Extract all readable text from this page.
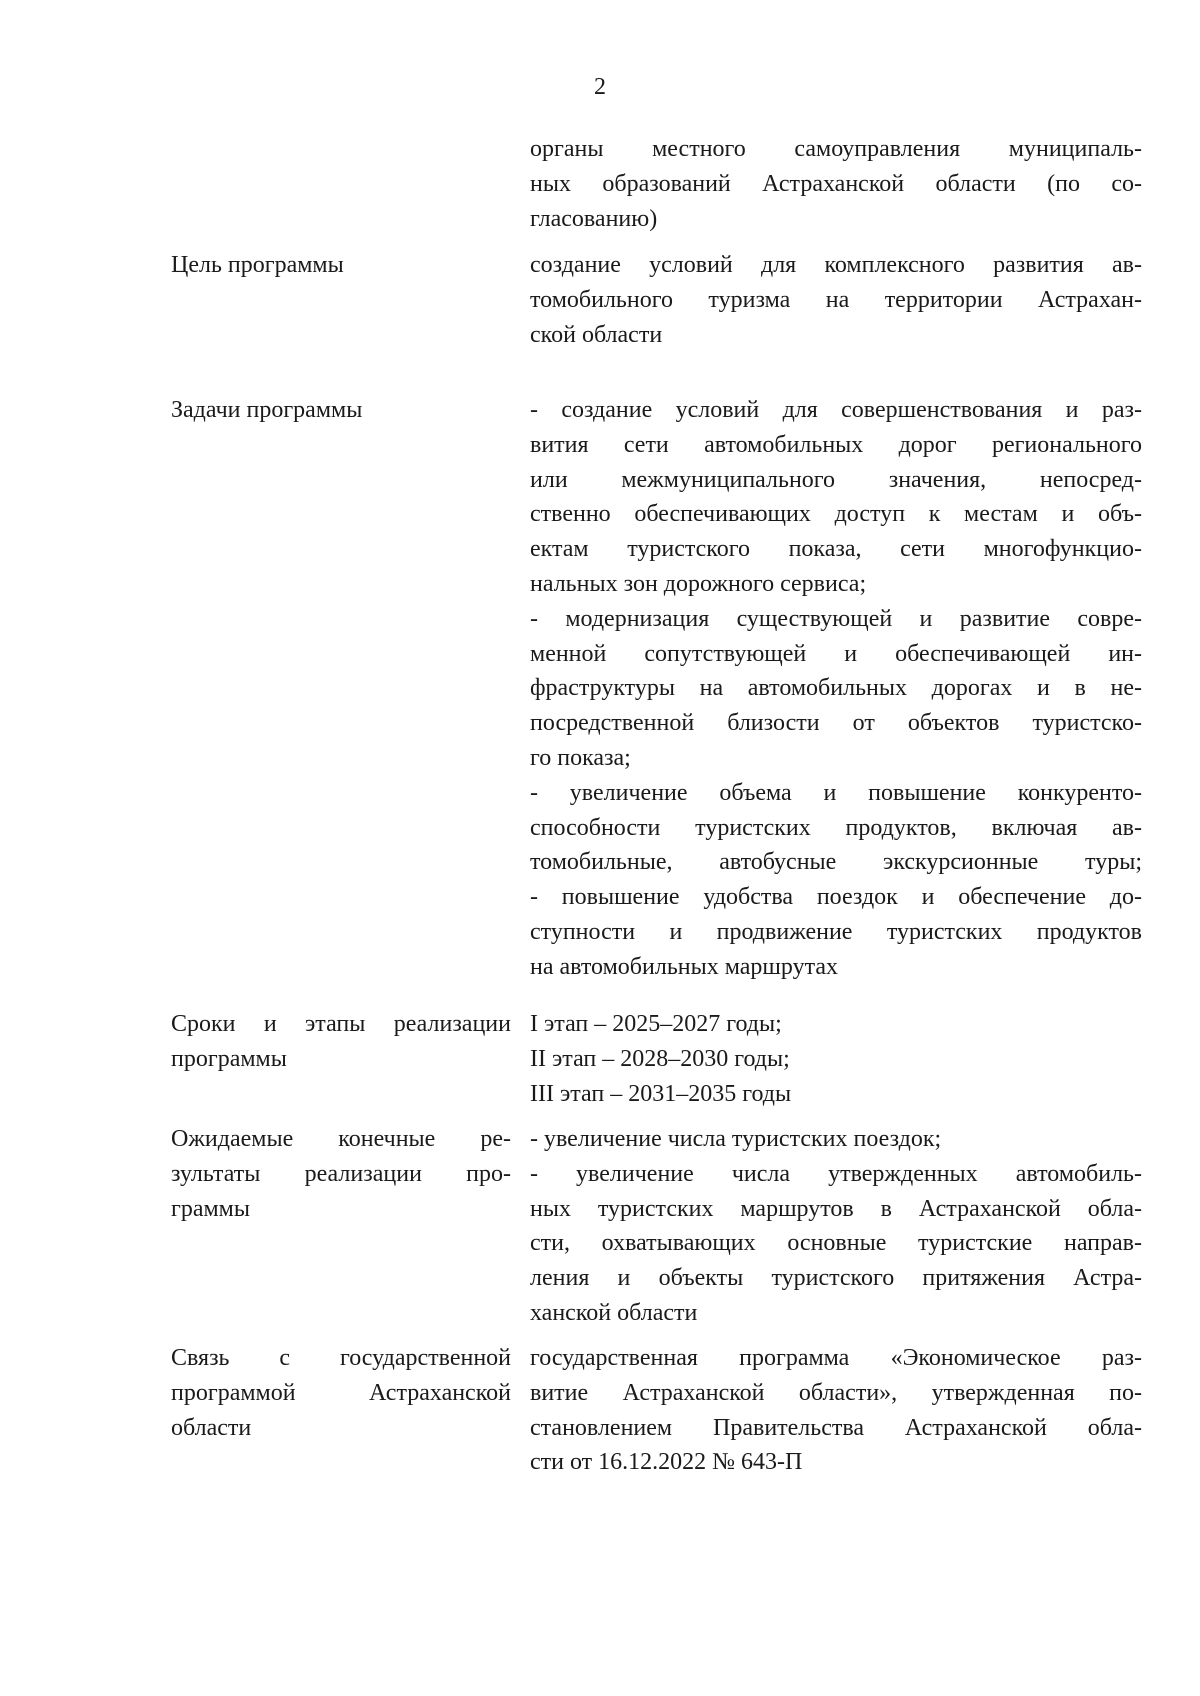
2
органы местного самоуправления муниципаль-
ных образований Астраханской области (по со-
гласованию)
Цель программы	создание условий для комплексного развития ав-
томобильного туризма на территории Астрахан-
ской области
Задачи программы	- создание условий для совершенствования и раз-
вития сети автомобильных дорог регионального
или межмуниципального значения, непосред-
ственно обеспечивающих доступ к местам и объ-
ектам туристского показа, сети многофункцио-
нальных зон дорожного сервиса;
- модернизация существующей и развитие совре-
менной сопутствующей и обеспечивающей ин-
фраструктуры на автомобильных дорогах и в не-
посредственной близости от объектов туристско-
го показа;
- увеличение объема и повышение конкуренто-
способности туристских продуктов, включая ав-
томобильные, автобусные экскурсионные туры;
- повышение удобства поездок и обеспечение до-
ступности и продвижение туристских продуктов
на автомобильных маршрутах
Сроки и этапы реализации
программы
I этап – 2025–2027 годы;
II этап – 2028–2030 годы;
III этап – 2031–2035 годы
Ожидаемые конечные ре-
зультаты реализации про-
граммы
- увеличение числа туристских поездок;
- увеличение числа утвержденных автомобиль-
ных туристских маршрутов в Астраханской обла-
сти, охватывающих основные туристские направ-
ления и объекты туристского притяжения Астра-
ханской области
Связь с государственной
программой Астраханской
области
государственная программа «Экономическое раз-
витие Астраханской области», утвержденная по-
становлением Правительства Астраханской обла-
сти от 16.12.2022 № 643-П
